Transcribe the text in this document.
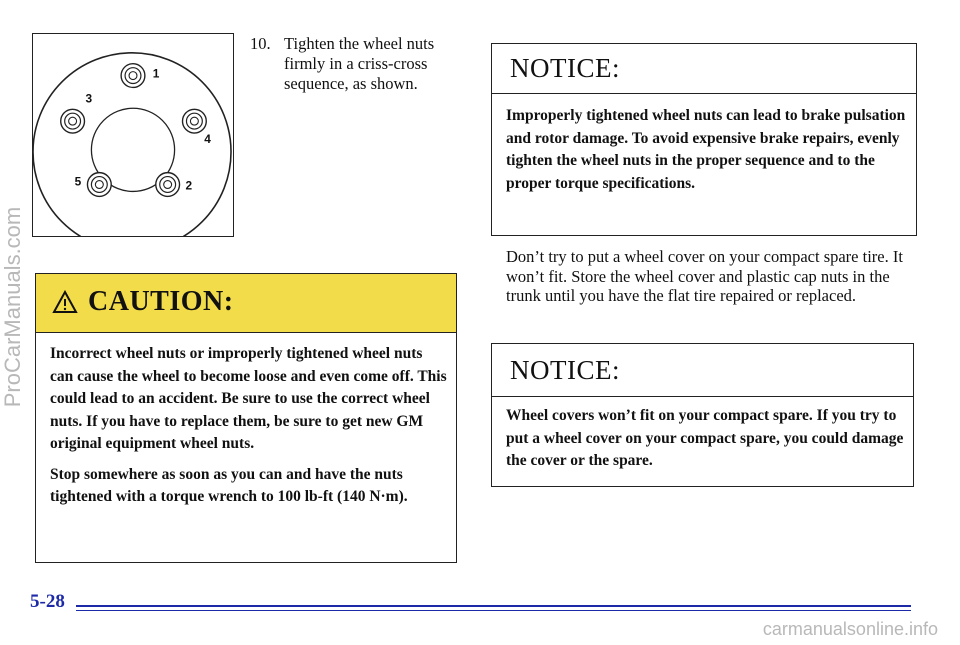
1
2
3
4
5
10. Tighten the wheel nuts firmly in a criss-cross sequence, as shown.
CAUTION:

Incorrect wheel nuts or improperly tightened wheel nuts can cause the wheel to become loose and even come off. This could lead to an accident. Be sure to use the correct wheel nuts. If you have to replace them, be sure to get new GM original equipment wheel nuts.

Stop somewhere as soon as you can and have the nuts tightened with a torque wrench to 100 lb-ft (140 N·m).

NOTICE:
Improperly tightened wheel nuts can lead to brake pulsation and rotor damage. To avoid expensive brake repairs, evenly tighten the wheel nuts in the proper sequence and to the proper torque specifications.
Don’t try to put a wheel cover on your compact spare tire. It won’t fit. Store the wheel cover and plastic cap nuts in the trunk until you have the flat tire repaired or replaced.
NOTICE:
Wheel covers won’t fit on your compact spare. If you try to put a wheel cover on your compact spare, you could damage the cover or the spare.
5-28
ProCarManuals.com
carmanualsonline.info
